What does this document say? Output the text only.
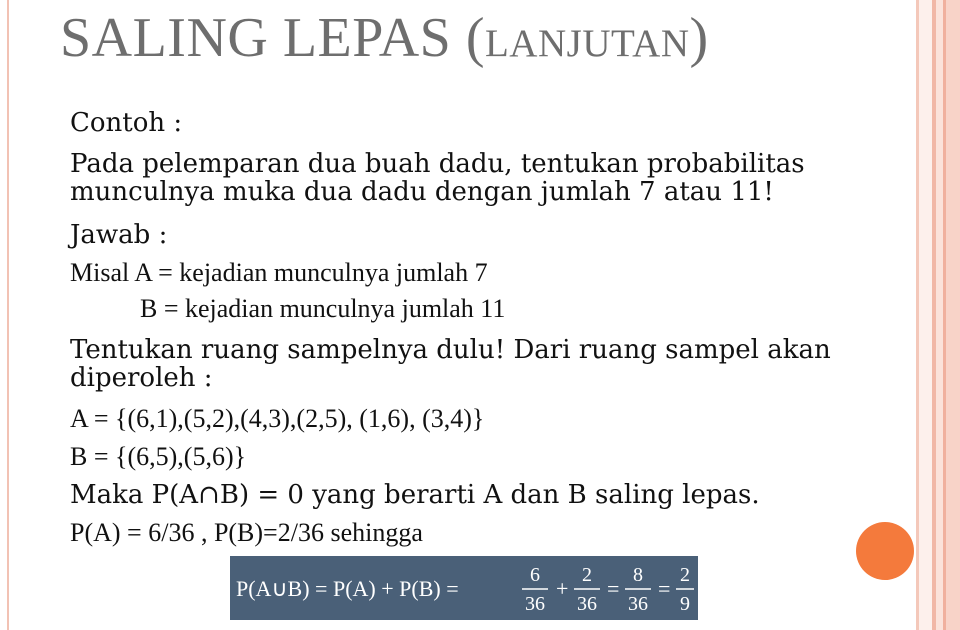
SALING LEPAS (lanjutan)

Contoh :

Pada pelemparan dua buah dadu, tentukan probabilitas munculnya muka dua dadu dengan jumlah 7 atau 11!

Jawab :

Misal A = kejadian munculnya jumlah 7

B = kejadian munculnya jumlah 11

Tentukan ruang sampelnya dulu! Dari ruang sampel akan diperoleh :

A = {(6,1),(5,2),(4,3),(2,5), (1,6), (3,4)}

B = {(6,5),(5,6)}

Maka P(A∩B) = 0 yang berarti A dan B saling lepas.

P(A) = 6/36 , P(B)=2/36 sehingga

P(A∪B) = P(A) + P(B) =
6
36
+
2
36
=
8
36
=
2
9
